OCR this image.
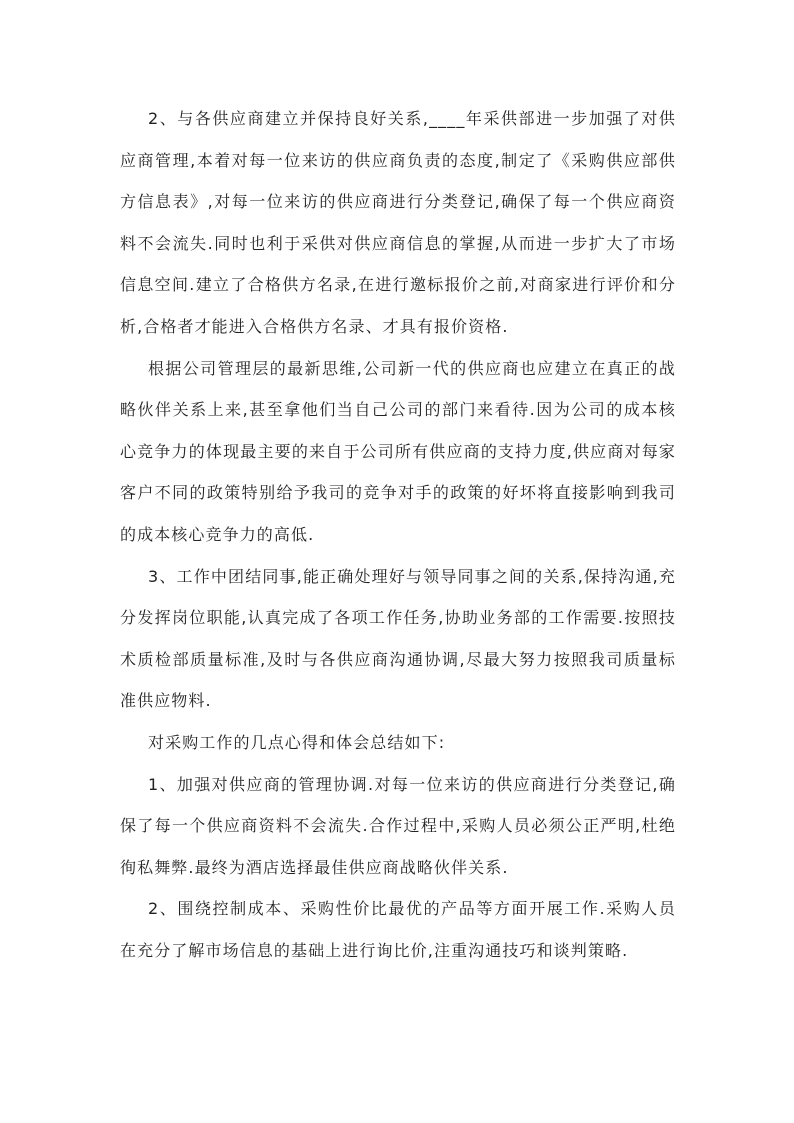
2、与各供应商建立并保持良好关系,____年采供部进一步加强了对供应商管理,本着对每一位来访的供应商负责的态度,制定了《采购供应部供方信息表》,对每一位来访的供应商进行分类登记,确保了每一个供应商资料不会流失.同时也利于采供对供应商信息的掌握,从而进一步扩大了市场信息空间.建立了合格供方名录,在进行邀标报价之前,对商家进行评价和分析,合格者才能进入合格供方名录、才具有报价资格.

根据公司管理层的最新思维,公司新一代的供应商也应建立在真正的战略伙伴关系上来,甚至拿他们当自己公司的部门来看待.因为公司的成本核心竞争力的体现最主要的来自于公司所有供应商的支持力度,供应商对每家客户不同的政策特别给予我司的竞争对手的政策的好坏将直接影响到我司的成本核心竞争力的高低.

3、工作中团结同事,能正确处理好与领导同事之间的关系,保持沟通,充分发挥岗位职能,认真完成了各项工作任务,协助业务部的工作需要.按照技术质检部质量标准,及时与各供应商沟通协调,尽最大努力按照我司质量标准供应物料.

对采购工作的几点心得和体会总结如下:

1、加强对供应商的管理协调.对每一位来访的供应商进行分类登记,确保了每一个供应商资料不会流失.合作过程中,采购人员必须公正严明,杜绝徇私舞弊.最终为酒店选择最佳供应商战略伙伴关系.

2、围绕控制成本、采购性价比最优的产品等方面开展工作.采购人员在充分了解市场信息的基础上进行询比价,注重沟通技巧和谈判策略.
